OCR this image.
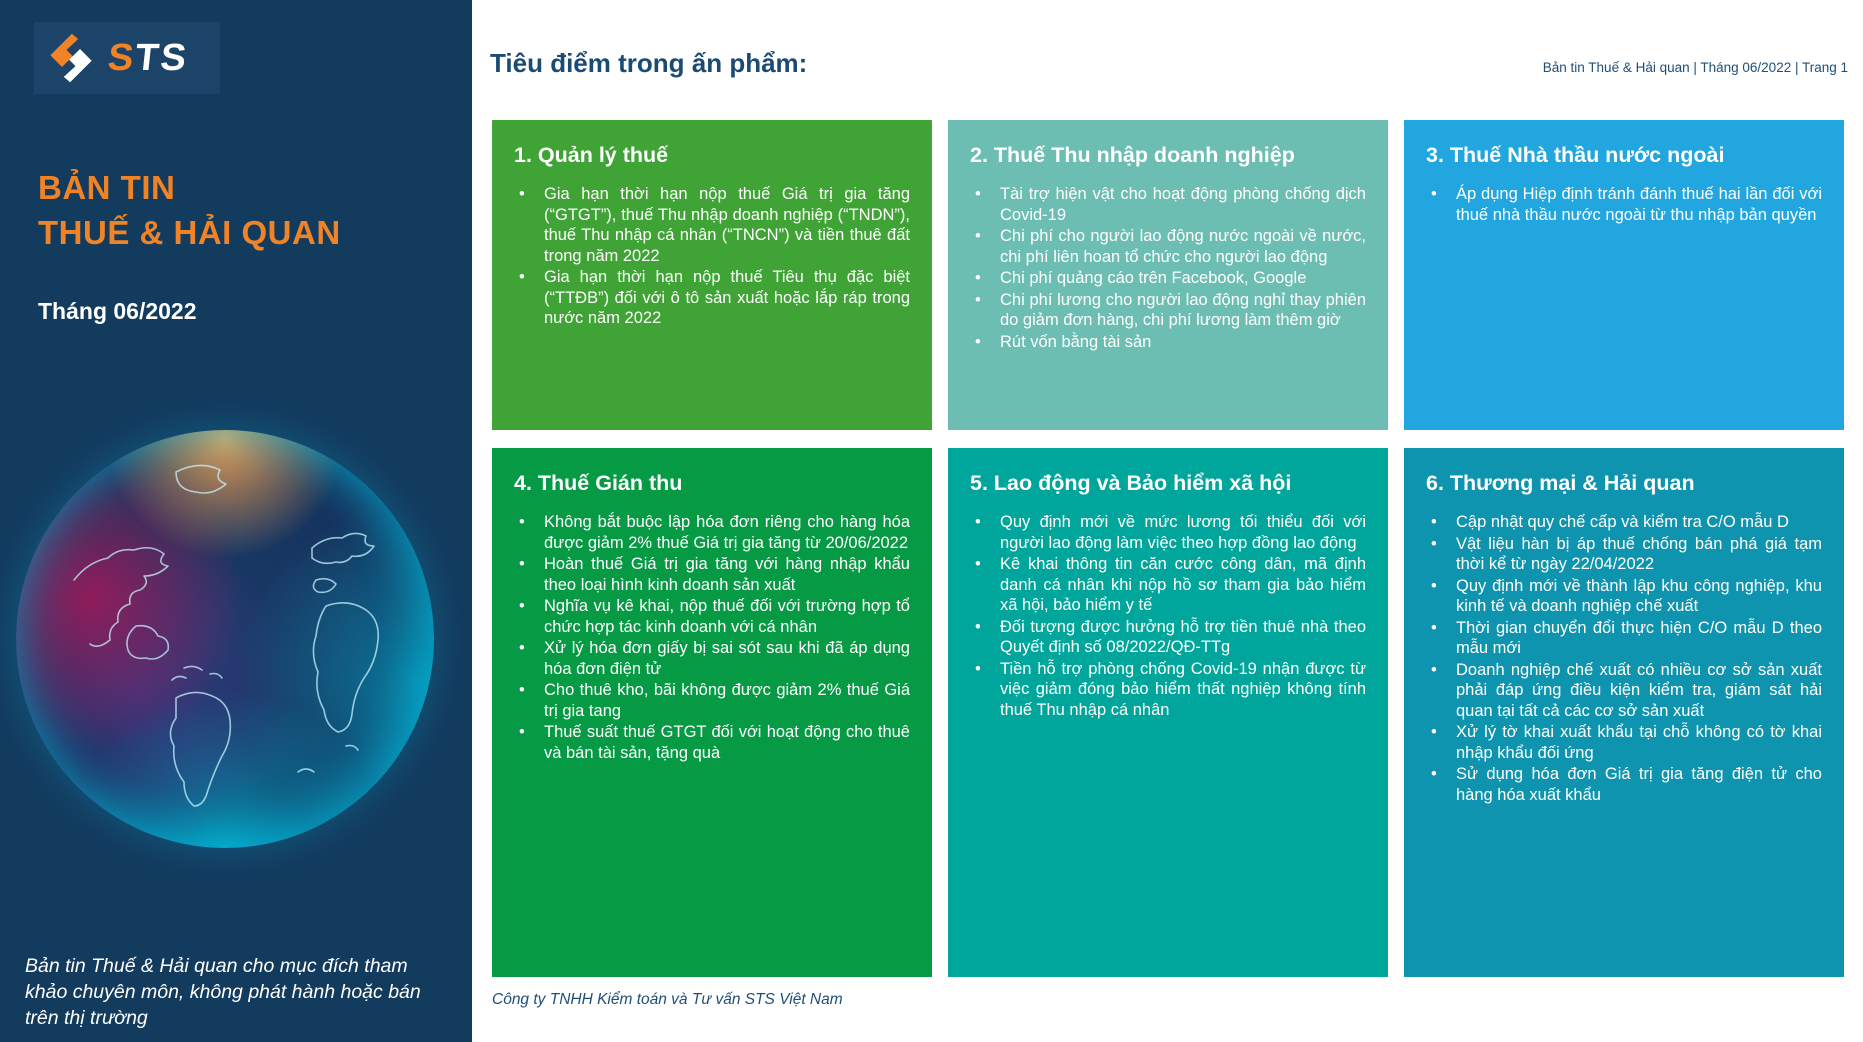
STS
BẢN TIN
THUẾ & HẢI QUAN
Tháng 06/2022
Bản tin Thuế & Hải quan cho mục đích tham khảo chuyên môn, không phát hành hoặc bán trên thị trường
Tiêu điểm trong ấn phẩm:	Bản tin Thuế & Hải quan | Tháng 06/2022 | Trang 1
1. Quản lý thuế
• Gia hạn thời hạn nộp thuế Giá trị gia tăng (“GTGT”), thuế Thu nhập doanh nghiệp (“TNDN”), thuế Thu nhập cá nhân (“TNCN”) và tiền thuê đất trong năm 2022
• Gia hạn thời hạn nộp thuế Tiêu thụ đặc biệt (“TTĐB”) đối với ô tô sản xuất hoặc lắp ráp trong nước năm 2022
2. Thuế Thu nhập doanh nghiệp
• Tài trợ hiện vật cho hoạt động phòng chống dịch Covid-19
• Chi phí cho người lao động nước ngoài về nước, chi phí liên hoan tổ chức cho người lao động
• Chi phí quảng cáo trên Facebook, Google
• Chi phí lương cho người lao động nghỉ thay phiên do giảm đơn hàng, chi phí lương làm thêm giờ
• Rút vốn bằng tài sản
3. Thuế Nhà thầu nước ngoài
• Áp dụng Hiệp định tránh đánh thuế hai lần đối với thuế nhà thầu nước ngoài từ thu nhập bản quyền
4. Thuế Gián thu
• Không bắt buộc lập hóa đơn riêng cho hàng hóa được giảm 2% thuế Giá trị gia tăng từ 20/06/2022
• Hoàn thuế Giá trị gia tăng với hàng nhập khẩu theo loại hình kinh doanh sản xuất
• Nghĩa vụ kê khai, nộp thuế đối với trường hợp tổ chức hợp tác kinh doanh với cá nhân
• Xử lý hóa đơn giấy bị sai sót sau khi đã áp dụng hóa đơn điện tử
• Cho thuê kho, bãi không được giảm 2% thuế Giá trị gia tang
• Thuế suất thuế GTGT đối với hoạt động cho thuê và bán tài sản, tặng quà
5. Lao động và Bảo hiểm xã hội
• Quy định mới về mức lương tối thiểu đối với người lao động làm việc theo hợp đồng lao động
• Kê khai thông tin căn cước công dân, mã định danh cá nhân khi nộp hồ sơ tham gia bảo hiểm xã hội, bảo hiểm y tế
• Đối tượng được hưởng hỗ trợ tiền thuê nhà theo Quyết định số 08/2022/QĐ-TTg
• Tiền hỗ trợ phòng chống Covid-19 nhận được từ việc giảm đóng bảo hiểm thất nghiệp không tính thuế Thu nhập cá nhân
6. Thương mại & Hải quan
• Cập nhật quy chế cấp và kiểm tra C/O mẫu D
• Vật liệu hàn bị áp thuế chống bán phá giá tạm thời kể từ ngày 22/04/2022
• Quy định mới về thành lập khu công nghiệp, khu kinh tế và doanh nghiệp chế xuất
• Thời gian chuyển đổi thực hiện C/O mẫu D theo mẫu mới
• Doanh nghiệp chế xuất có nhiều cơ sở sản xuất phải đáp ứng điều kiện kiểm tra, giám sát hải quan tại tất cả các cơ sở sản xuất
• Xử lý tờ khai xuất khẩu tại chỗ không có tờ khai nhập khẩu đối ứng
• Sử dụng hóa đơn Giá trị gia tăng điện tử cho hàng hóa xuất khẩu
Công ty TNHH Kiểm toán và Tư vấn STS Việt Nam
